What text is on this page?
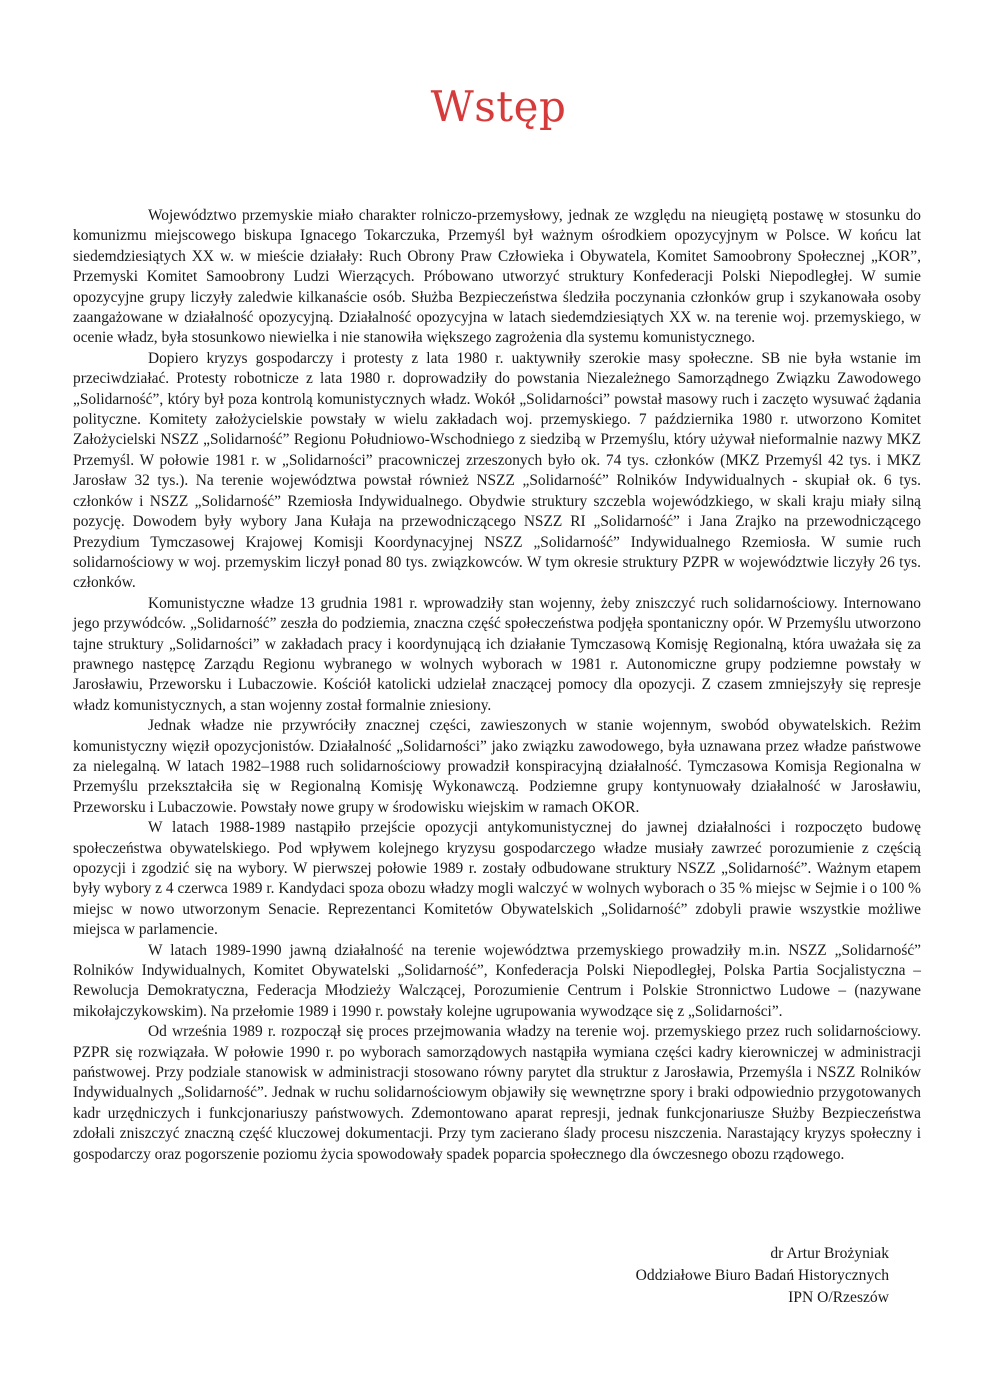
Wstęp

Województwo przemyskie miało charakter rolniczo-przemysłowy, jednak ze względu na nieugiętą postawę w stosunku do komunizmu miejscowego biskupa Ignacego Tokarczuka, Przemyśl był ważnym ośrodkiem opozycyjnym w Polsce. W końcu lat siedemdziesiątych XX w. w mieście działały: Ruch Obrony Praw Człowieka i Obywatela, Komitet Samoobrony Społecznej „KOR”, Przemyski Komitet Samoobrony Ludzi Wierzących. Próbowano utworzyć struktury Konfederacji Polski Niepodległej. W sumie opozycyjne grupy liczyły zaledwie kilkanaście osób. Służba Bezpieczeństwa śledziła poczynania członków grup i szykanowała osoby zaangażowane w działalność opozycyjną. Działalność opozycyjna w latach siedemdziesiątych XX w. na terenie woj. przemyskiego, w ocenie władz, była stosunkowo niewielka i nie stanowiła większego zagrożenia dla systemu komunistycznego.

Dopiero kryzys gospodarczy i protesty z lata 1980 r. uaktywniły szerokie masy społeczne. SB nie była wstanie im przeciwdziałać. Protesty robotnicze z lata 1980 r. doprowadziły do powstania Niezależnego Samorządnego Związku Zawodowego „Solidarność”, który był poza kontrolą komunistycznych władz. Wokół „Solidarności” powstał masowy ruch i zaczęto wysuwać żądania polityczne. Komitety założycielskie powstały w wielu zakładach woj. przemyskiego. 7 października 1980 r. utworzono Komitet Założycielski NSZZ „Solidarność” Regionu Południowo-Wschodniego z siedzibą w Przemyślu, który używał nieformalnie nazwy MKZ Przemyśl. W połowie 1981 r. w „Solidarności” pracowniczej zrzeszonych było ok. 74 tys. członków (MKZ Przemyśl 42 tys. i MKZ Jarosław 32 tys.). Na terenie województwa powstał również NSZZ „Solidarność” Rolników Indywidualnych - skupiał ok. 6 tys. członków i NSZZ „Solidarność” Rzemiosła Indywidualnego. Obydwie struktury szczebla wojewódzkiego, w skali kraju miały silną pozycję. Dowodem były wybory Jana Kułaja na przewodniczącego NSZZ RI „Solidarność” i Jana Zrajko na przewodniczącego Prezydium Tymczasowej Krajowej Komisji Koordynacyjnej NSZZ „Solidarność” Indywidualnego Rzemiosła. W sumie ruch solidarnościowy w woj. przemyskim liczył ponad 80 tys. związkowców. W tym okresie struktury PZPR w województwie liczyły 26 tys. członków.

Komunistyczne władze 13 grudnia 1981 r. wprowadziły stan wojenny, żeby zniszczyć ruch solidarnościowy. Internowano jego przywódców. „Solidarność” zeszła do podziemia, znaczna część społeczeństwa podjęła spontaniczny opór. W Przemyślu utworzono tajne struktury „Solidarności” w zakładach pracy i koordynującą ich działanie Tymczasową Komisję Regionalną, która uważała się za prawnego następcę Zarządu Regionu wybranego w wolnych wyborach w 1981 r. Autonomiczne grupy podziemne powstały w Jarosławiu, Przeworsku i Lubaczowie. Kościół katolicki udzielał znaczącej pomocy dla opozycji. Z czasem zmniejszyły się represje władz komunistycznych, a stan wojenny został formalnie zniesiony.

Jednak władze nie przywróciły znacznej części, zawieszonych w stanie wojennym, swobód obywatelskich. Reżim komunistyczny więził opozycjonistów. Działalność „Solidarności” jako związku zawodowego, była uznawana przez władze państwowe za nielegalną. W latach 1982–1988 ruch solidarnościowy prowadził konspiracyjną działalność. Tymczasowa Komisja Regionalna w Przemyślu przekształciła się w Regionalną Komisję Wykonawczą. Podziemne grupy kontynuowały działalność w Jarosławiu, Przeworsku i Lubaczowie. Powstały nowe grupy w środowisku wiejskim w ramach OKOR.

W latach 1988-1989 nastąpiło przejście opozycji antykomunistycznej do jawnej działalności i rozpoczęto budowę społeczeństwa obywatelskiego. Pod wpływem kolejnego kryzysu gospodarczego władze musiały zawrzeć porozumienie z częścią opozycji i zgodzić się na wybory. W pierwszej połowie 1989 r. zostały odbudowane struktury NSZZ „Solidarność”. Ważnym etapem były wybory z 4 czerwca 1989 r. Kandydaci spoza obozu władzy mogli walczyć w wolnych wyborach o 35 % miejsc w Sejmie i o 100 % miejsc w nowo utworzonym Senacie. Reprezentanci Komitetów Obywatelskich „Solidarność” zdobyli prawie wszystkie możliwe miejsca w parlamencie.

W latach 1989-1990 jawną działalność na terenie województwa przemyskiego prowadziły m.in. NSZZ „Solidarność” Rolników Indywidualnych, Komitet Obywatelski „Solidarność”, Konfederacja Polski Niepodległej, Polska Partia Socjalistyczna – Rewolucja Demokratyczna, Federacja Młodzieży Walczącej, Porozumienie Centrum i Polskie Stronnictwo Ludowe – (nazywane mikołajczykowskim). Na przełomie 1989 i 1990 r. powstały kolejne ugrupowania wywodzące się z „Solidarności”.

Od września 1989 r. rozpoczął się proces przejmowania władzy na terenie woj. przemyskiego przez ruch solidarnościowy. PZPR się rozwiązała. W połowie 1990 r. po wyborach samorządowych nastąpiła wymiana części kadry kierowniczej w administracji państwowej. Przy podziale stanowisk w administracji stosowano równy parytet dla struktur z Jarosławia, Przemyśla i NSZZ Rolników Indywidualnych „Solidarność”. Jednak w ruchu solidarnościowym objawiły się wewnętrzne spory i braki odpowiednio przygotowanych kadr urzędniczych i funkcjonariuszy państwowych. Zdemontowano aparat represji, jednak funkcjonariusze Służby Bezpieczeństwa zdołali zniszczyć znaczną część kluczowej dokumentacji. Przy tym zacierano ślady procesu niszczenia. Narastający kryzys społeczny i gospodarczy oraz pogorszenie poziomu życia spowodowały spadek poparcia społecznego dla ówczesnego obozu rządowego.

dr Artur Brożyniak
Oddziałowe Biuro Badań Historycznych
IPN O/Rzeszów
